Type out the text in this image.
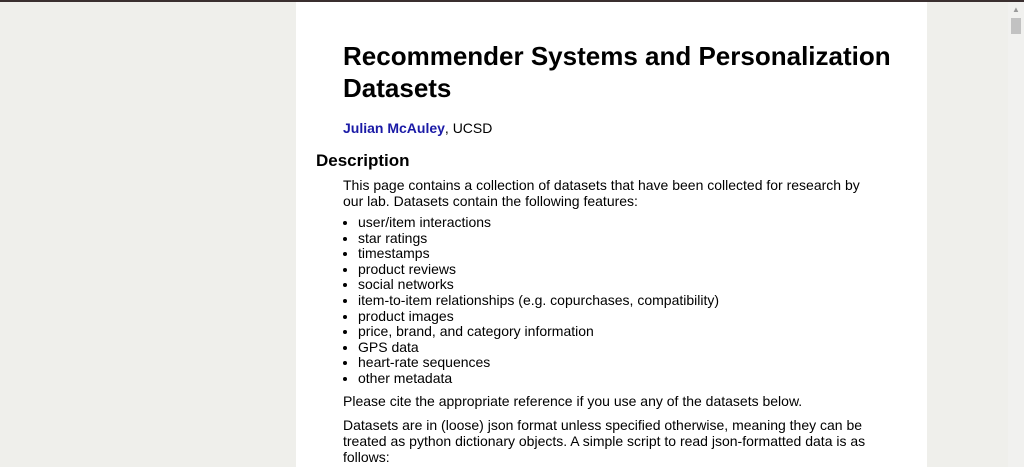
Recommender Systems and Personalization Datasets
Julian McAuley, UCSD
Description

This page contains a collection of datasets that have been collected for research by our lab. Datasets contain the following features:

• user/item interactions
• star ratings
• timestamps
• product reviews
• social networks
• item-to-item relationships (e.g. copurchases, compatibility)
• product images
• price, brand, and category information
• GPS data
• heart-rate sequences
• other metadata

Please cite the appropriate reference if you use any of the datasets below.

Datasets are in (loose) json format unless specified otherwise, meaning they can be treated as python dictionary objects. A simple script to read json-formatted data is as follows:

▲
